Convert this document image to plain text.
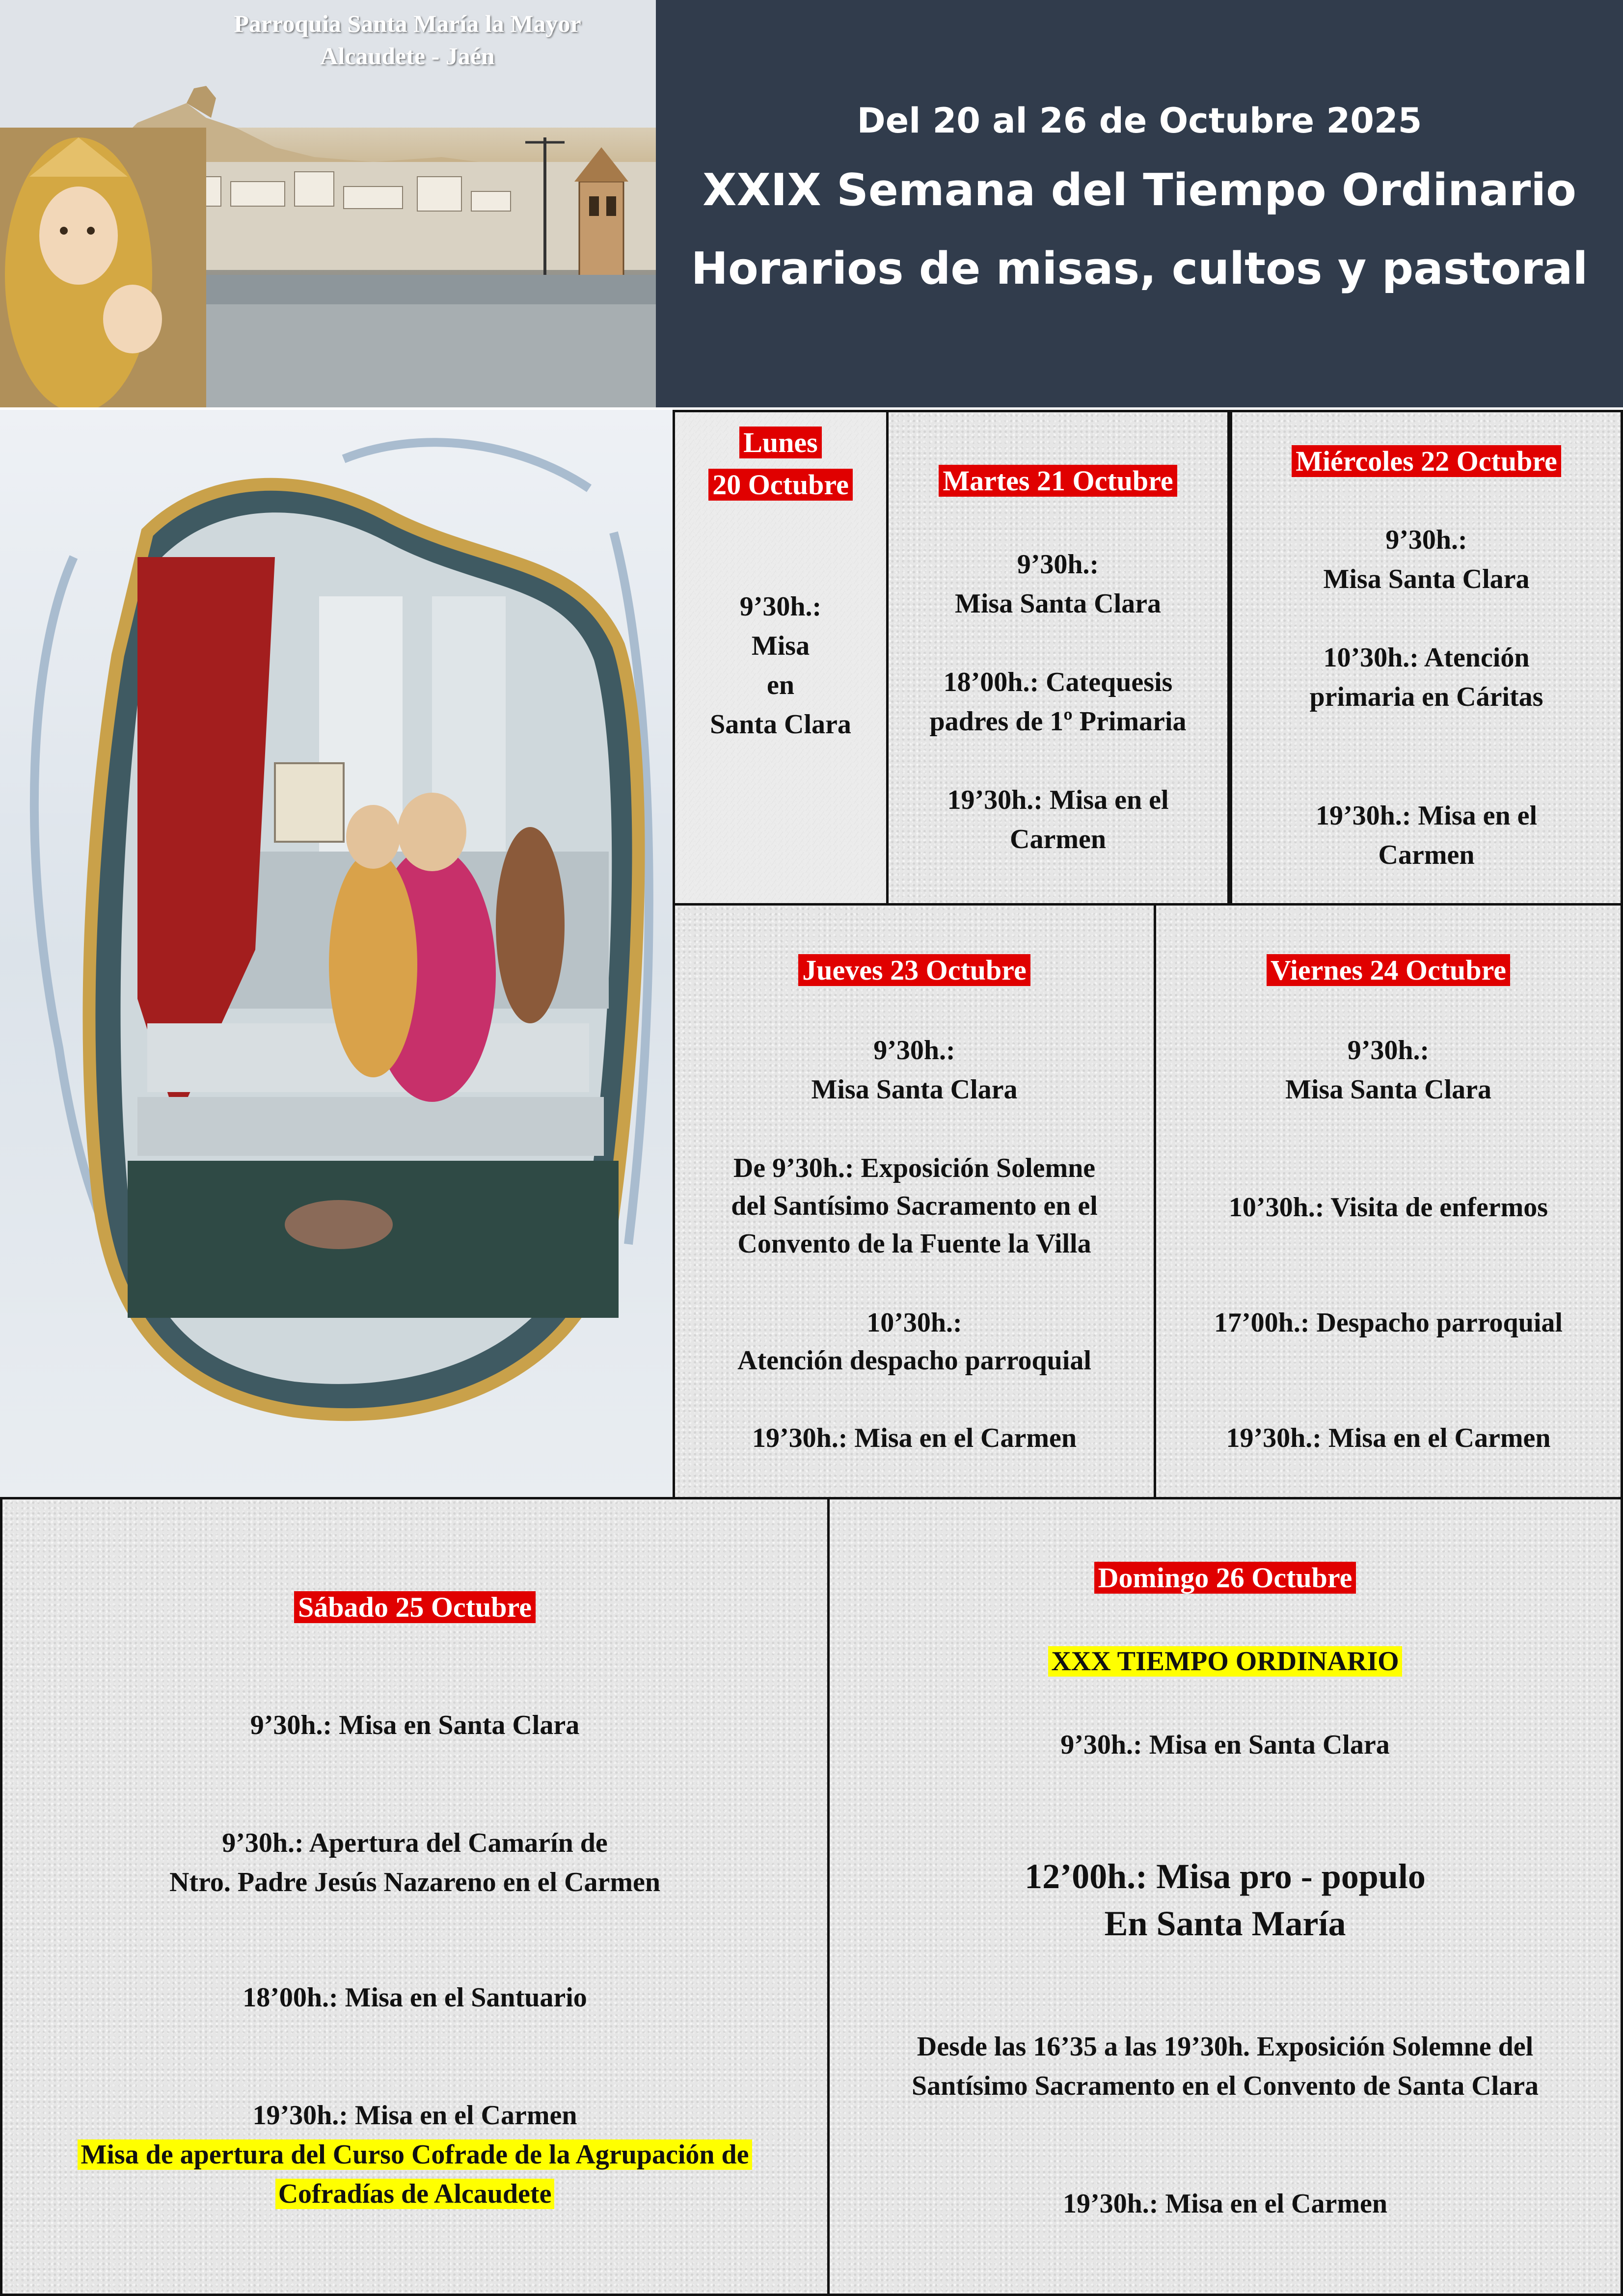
Parroquia Santa María la Mayor
Alcaudete - Jaén
Del 20 al 26 de Octubre 2025
XXIX Semana del Tiempo Ordinario
Horarios de misas, cultos y pastoral

Lunes

20 Octubre

9’30h.:

Misa

en

Santa Clara

Martes 21 Octubre

9’30h.:

Misa Santa Clara

18’00h.: Catequesis

padres de 1º Primaria

19’30h.: Misa en el

Carmen

Miércoles 22 Octubre

9’30h.:

Misa Santa Clara

10’30h.: Atención

primaria en Cáritas

19’30h.: Misa en el

Carmen

Jueves 23 Octubre

9’30h.:

Misa Santa Clara

De 9’30h.: Exposición Solemne

del Santísimo Sacramento en el

Convento de la Fuente la Villa

10’30h.:

Atención despacho parroquial

19’30h.: Misa en el Carmen

Viernes 24 Octubre

9’30h.:

Misa Santa Clara

10’30h.: Visita de enfermos

17’00h.: Despacho parroquial

19’30h.: Misa en el Carmen

Sábado 25 Octubre

9’30h.: Misa en Santa Clara

9’30h.: Apertura del Camarín de

Ntro. Padre Jesús Nazareno en el Carmen

18’00h.: Misa en el Santuario

19’30h.: Misa en el Carmen

Misa de apertura del Curso Cofrade de la Agrupación de

Cofradías de Alcaudete

Domingo 26 Octubre

XXX TIEMPO ORDINARIO

9’30h.: Misa en Santa Clara

12’00h.: Misa pro - populo

En Santa María

Desde las 16’35 a las 19’30h. Exposición Solemne del

Santísimo Sacramento en el Convento de Santa Clara

19’30h.: Misa en el Carmen
